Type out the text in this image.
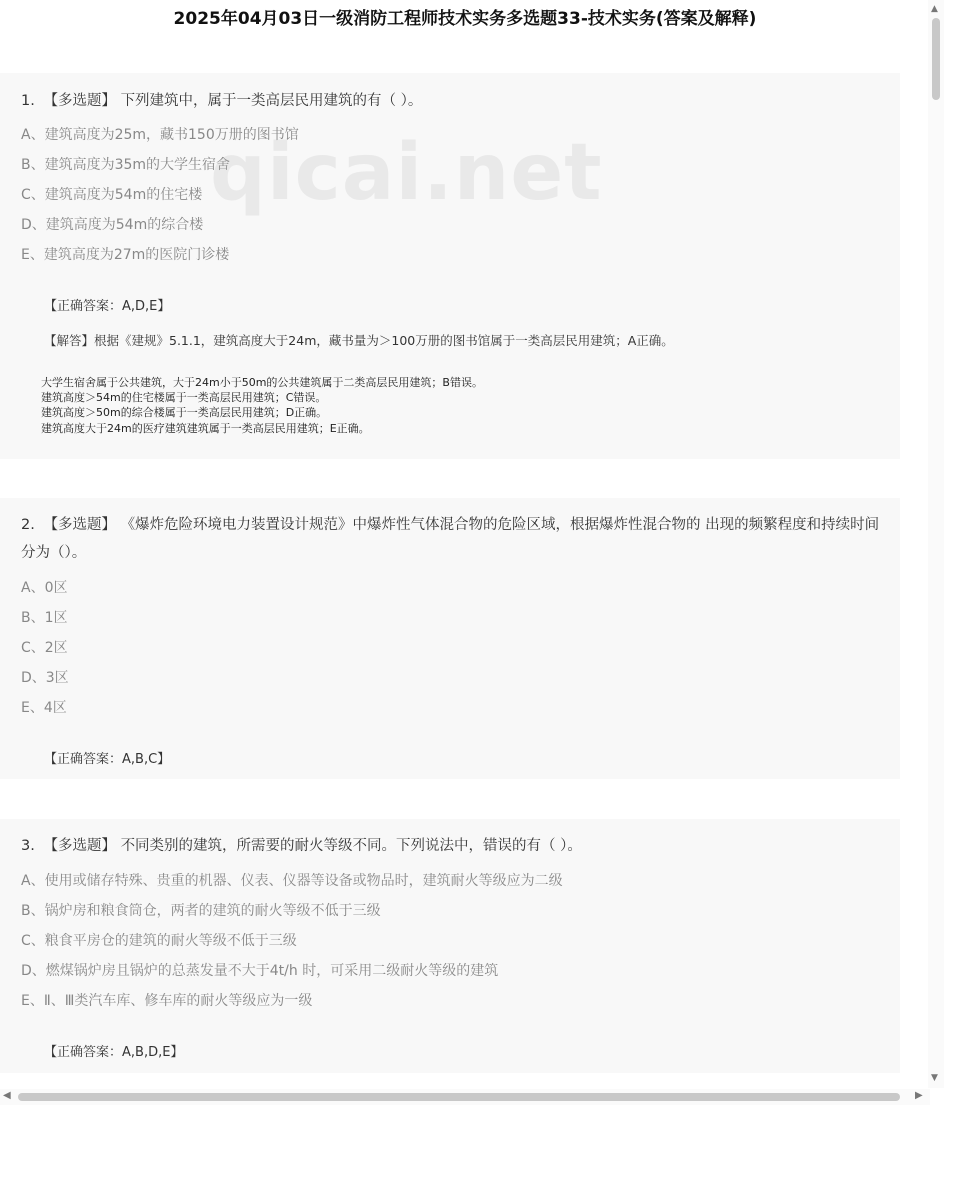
2025年04月03日一级消防工程师技术实务多选题33-技术实务(答案及解释)
1. 【多选题】 下列建筑中，属于一类高层民用建筑的有（ ）。
A、建筑高度为25m，藏书150万册的图书馆
B、建筑高度为35m的大学生宿舍
C、建筑高度为54m的住宅楼
D、建筑高度为54m的综合楼
E、建筑高度为27m的医院门诊楼
【正确答案：A,D,E】
【解答】根据《建规》5.1.1，建筑高度大于24m，藏书量为＞100万册的图书馆属于一类高层民用建筑；A正确。
大学生宿舍属于公共建筑，大于24m小于50m的公共建筑属于二类高层民用建筑；B错误。
建筑高度＞54m的住宅楼属于一类高层民用建筑；C错误。
建筑高度＞50m的综合楼属于一类高层民用建筑；D正确。
建筑高度大于24m的医疗建筑建筑属于一类高层民用建筑；E正确。
2. 【多选题】 《爆炸危险环境电力装置设计规范》中爆炸性气体混合物的危险区域，根据爆炸性混合物的 出现的频繁程度和持续时间分为（）。
A、0区
B、1区
C、2区
D、3区
E、4区
【正确答案：A,B,C】
3. 【多选题】 不同类别的建筑，所需要的耐火等级不同。下列说法中，错误的有（ ）。
A、使用或储存特殊、贵重的机器、仪表、仪器等设备或物品时，建筑耐火等级应为二级
B、锅炉房和粮食筒仓，两者的建筑的耐火等级不低于三级
C、粮食平房仓的建筑的耐火等级不低于三级
D、燃煤锅炉房且锅炉的总蒸发量不大于4t/h 时，可采用二级耐火等级的建筑
E、Ⅱ、Ⅲ类汽车库、修车库的耐火等级应为一级
【正确答案：A,B,D,E】
qicai.net
▲
▼
◀	▶
